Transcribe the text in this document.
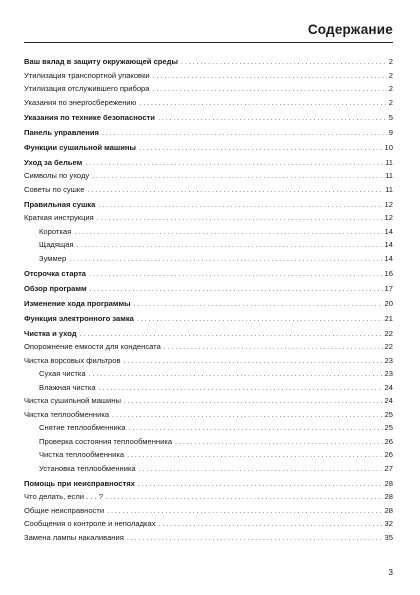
Содержание
Ваш вклад в защиту окружающей среды . . .	2
Утилизация транспортной упаковки . . .	2
Утилизация отслужившего прибора . . .	2
Указания по энергосбережению . . .	2
Указания по технике безопасности . . .	5
Панель управления . . .	9
Функции сушильной машины . . .	10
Уход за бельем . . .	11
Символы по уходу . . .	11
Советы по сушке . . .	11
Правильная сушка . . .	12
Краткая инструкция . . .	12
Короткая . . .	14
Щадящая . . .	14
Зуммер . . .	14
Отсрочка старта . . .	16
Обзор программ . . .	17
Изменение хода программы . . .	20
Функция электронного замка . . .	21
Чистка и уход . . .	22
Опорожнение емкости для конденсата . . .	22
Чистка ворсовых фильтров . . .	23
Сухая чистка . . .	23
Влажная чистка . . .	24
Чистка сушильной машины . . .	24
Чистка теплообменника . . .	25
Снятие теплообменника . . .	25
Проверка состояния теплообменника . . .	26
Чистка теплообменника . . .	26
Установка теплообменника . . .	27
Помощь при неисправностях . . .	28
Что делать, если . . . ? . . .	28
Общие неисправности . . .	28
Сообщения о контроле и неполадках . . .	32
Замена лампы накаливания . . .	35
3
